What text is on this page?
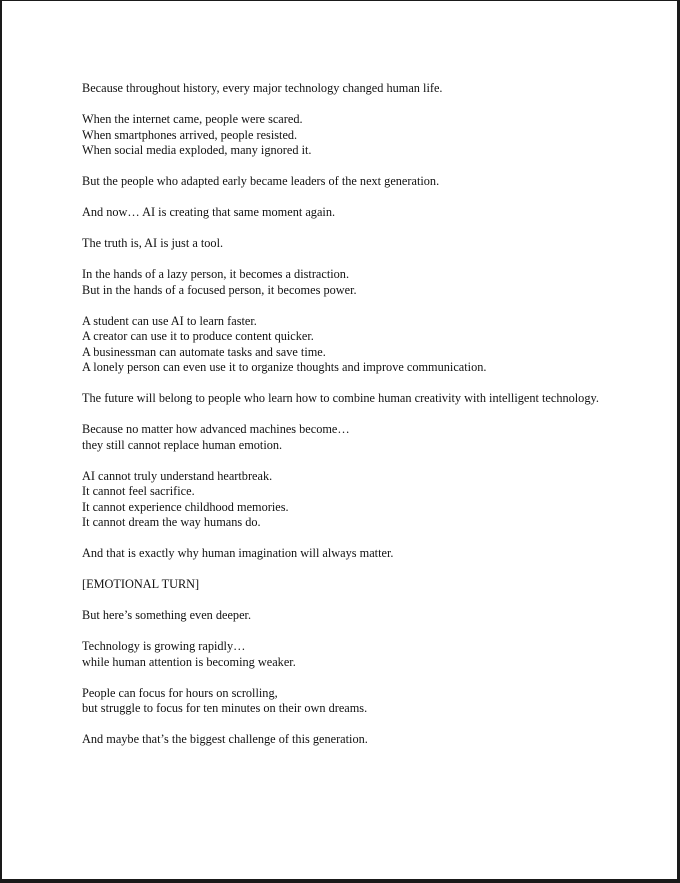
Because throughout history, every major technology changed human life.

When the internet came, people were scared.
When smartphones arrived, people resisted.
When social media exploded, many ignored it.

But the people who adapted early became leaders of the next generation.

And now… AI is creating that same moment again.

The truth is, AI is just a tool.

In the hands of a lazy person, it becomes a distraction.
But in the hands of a focused person, it becomes power.

A student can use AI to learn faster.
A creator can use it to produce content quicker.
A businessman can automate tasks and save time.
A lonely person can even use it to organize thoughts and improve communication.

The future will belong to people who learn how to combine human creativity with intelligent technology.

Because no matter how advanced machines become…
they still cannot replace human emotion.

AI cannot truly understand heartbreak.
It cannot feel sacrifice.
It cannot experience childhood memories.
It cannot dream the way humans do.

And that is exactly why human imagination will always matter.

[EMOTIONAL TURN]

But here’s something even deeper.

Technology is growing rapidly…
while human attention is becoming weaker.

People can focus for hours on scrolling,
but struggle to focus for ten minutes on their own dreams.

And maybe that’s the biggest challenge of this generation.
